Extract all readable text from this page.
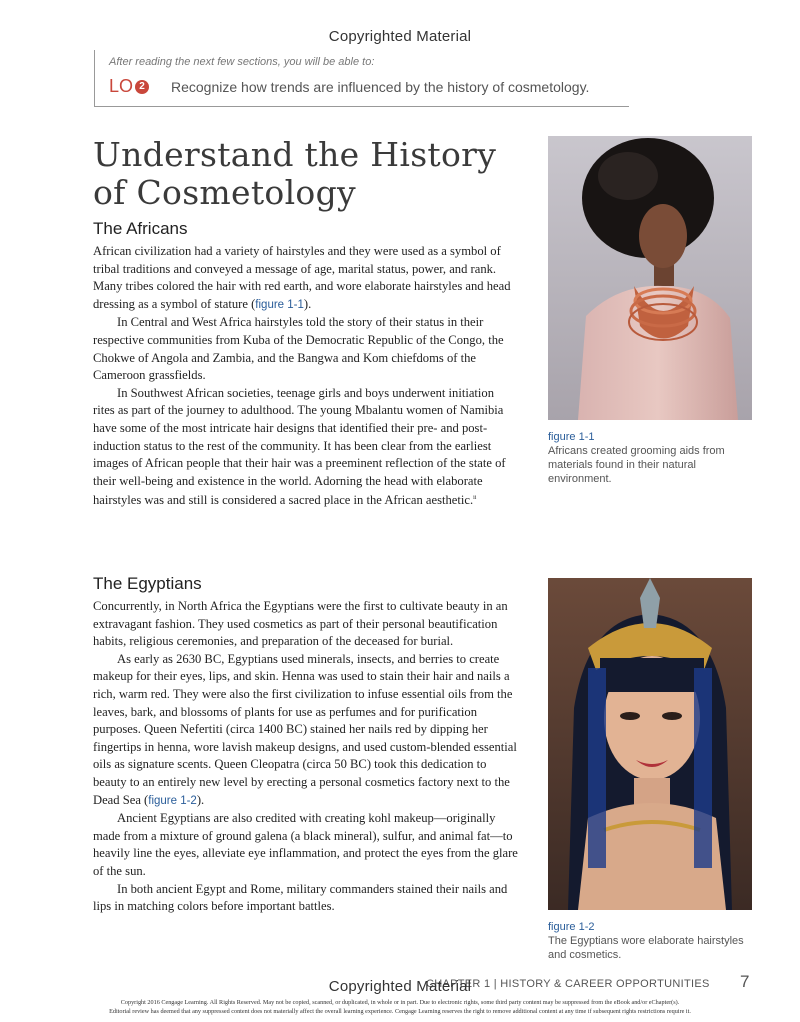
Copyrighted Material
After reading the next few sections, you will be able to:
LO 2	Recognize how trends are influenced by the history of cosmetology.
Understand the History
of Cosmetology
The Africans

African civilization had a variety of hairstyles and they were used as a symbol of tribal traditions and conveyed a message of age, marital status, power, and rank. Many tribes colored the hair with red earth, and wore elaborate hairstyles and head dressing as a symbol of stature (figure 1-1).

In Central and West Africa hairstyles told the story of their status in their respective communities from Kuba of the Democratic Republic of the Congo, the Chokwe of Angola and Zambia, and the Bangwa and Kom chiefdoms of the Cameroon grassfields.

In Southwest African societies, teenage girls and boys underwent initiation rites as part of the journey to adulthood. The young Mbalantu women of Namibia have some of the most intricate hair designs that identified their pre- and post-induction status to the rest of the community. It has been clear from the earliest images of African people that their hair was a preeminent reflection of the state of their well-being and existence in the world. Adorning the head with elaborate hairstyles was and still is considered a sacred place in the African aesthetic.$^{ii}$

figure 1-1
Africans created grooming aids from materials found in their natural environment.
The Egyptians

Concurrently, in North Africa the Egyptians were the first to cultivate beauty in an extravagant fashion. They used cosmetics as part of their personal beautification habits, religious ceremonies, and preparation of the deceased for burial.

As early as 2630 BC, Egyptians used minerals, insects, and berries to create makeup for their eyes, lips, and skin. Henna was used to stain their hair and nails a rich, warm red. They were also the first civilization to infuse essential oils from the leaves, bark, and blossoms of plants for use as perfumes and for purification purposes. Queen Nefertiti (circa 1400 BC) stained her nails red by dipping her fingertips in henna, wore lavish makeup designs, and used custom-blended essential oils as signature scents. Queen Cleopatra (circa 50 BC) took this dedication to beauty to an entirely new level by erecting a personal cosmetics factory next to the Dead Sea (figure 1-2).

Ancient Egyptians are also credited with creating kohl makeup—originally made from a mixture of ground galena (a black mineral), sulfur, and animal fat—to heavily line the eyes, alleviate eye inflammation, and protect the eyes from the glare of the sun.

In both ancient Egypt and Rome, military commanders stained their nails and lips in matching colors before important battles.

figure 1-2
The Egyptians wore elaborate hairstyles and cosmetics.
CHAPTER 1 | HISTORY & CAREER OPPORTUNITIES 7
Copyrighted Material
Copyright 2016 Cengage Learning. All Rights Reserved. May not be copied, scanned, or duplicated, in whole or in part. Due to electronic rights, some third party content may be suppressed from the eBook and/or eChapter(s).
Editorial review has deemed that any suppressed content does not materially affect the overall learning experience. Cengage Learning reserves the right to remove additional content at any time if subsequent rights restrictions require it.
